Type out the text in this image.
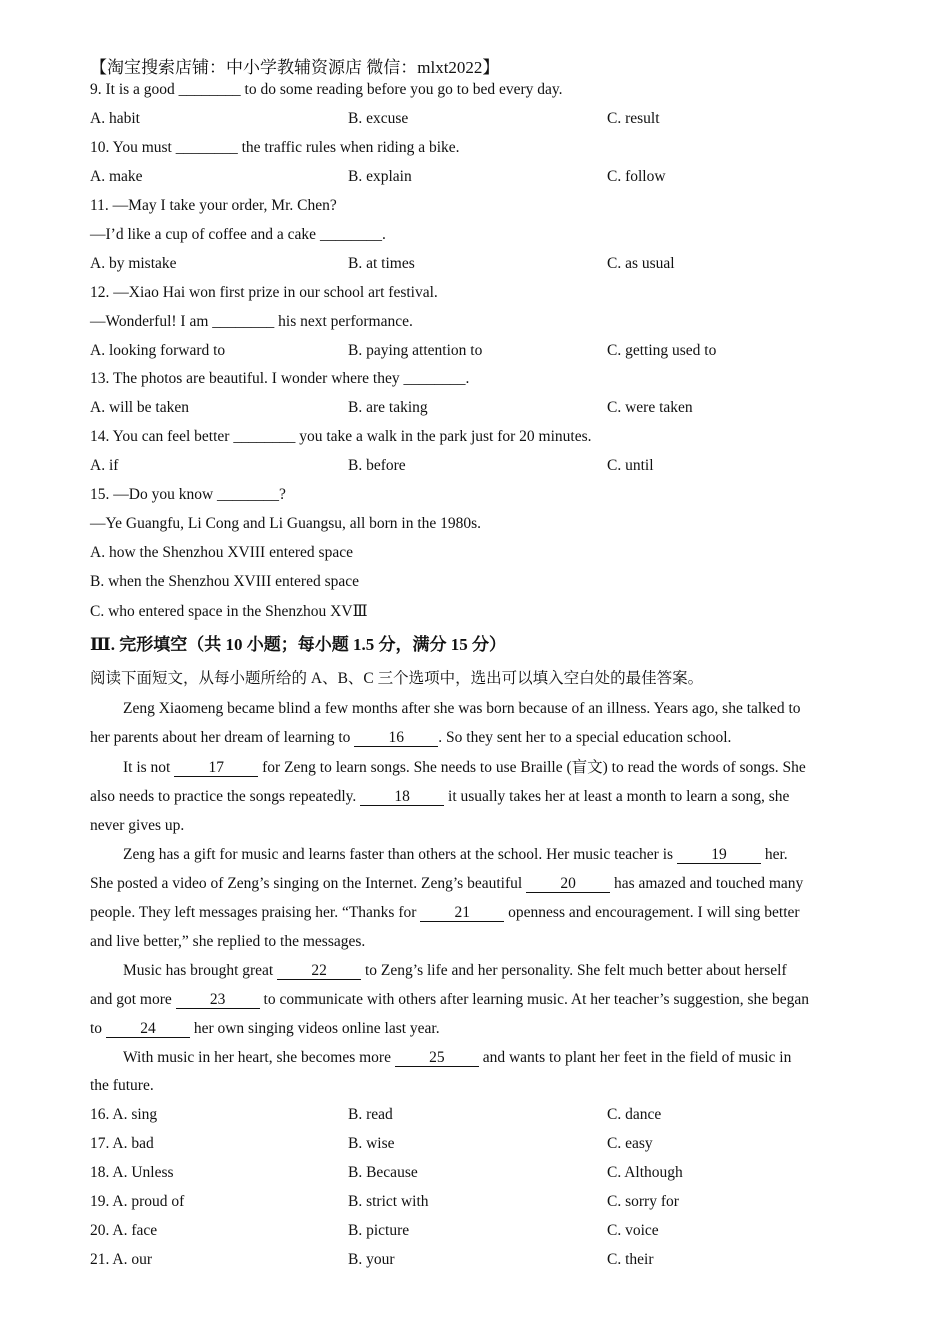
【淘宝搜索店铺：中小学教辅资源店 微信：mlxt2022】
9. It is a good ________ to do some reading before you go to bed every day.
A. habit	B. excuse	C. result
10. You must ________ the traffic rules when riding a bike.
A. make	B. explain	C. follow
11. —May I take your order, Mr. Chen?
—I’d like a cup of coffee and a cake ________.
A. by mistake	B. at times	C. as usual
12. —Xiao Hai won first prize in our school art festival.
—Wonderful! I am ________ his next performance.
A. looking forward to	B. paying attention to	C. getting used to
13. The photos are beautiful. I wonder where they ________.
A. will be taken	B. are taking	C. were taken
14. You can feel better ________ you take a walk in the park just for 20 minutes.
A. if	B. before	C. until
15. —Do you know ________?
—Ye Guangfu, Li Cong and Li Guangsu, all born in the 1980s.
A. how the Shenzhou XVIII entered space
B. when the Shenzhou XVIII entered space
C. who entered space in the Shenzhou XVⅢ
Ⅲ. 完形填空（共 10 小题；每小题 1.5 分，满分 15 分）
阅读下面短文，从每小题所给的 A、B、C 三个选项中，选出可以填入空白处的最佳答案。
Zeng Xiaomeng became blind a few months after she was born because of an illness. Years ago, she talked to
her parents about her dream of learning to 16 . So they sent her to a special education school.
It is not 17 for Zeng to learn songs. She needs to use Braille (盲文) to read the words of songs. She
also needs to practice the songs repeatedly. 18 it usually takes her at least a month to learn a song, she
never gives up.
Zeng has a gift for music and learns faster than others at the school. Her music teacher is 19 her.
She posted a video of Zeng’s singing on the Internet. Zeng’s beautiful 20 has amazed and touched many
people. They left messages praising her. “Thanks for 21 openness and encouragement. I will sing better
and live better,” she replied to the messages.
Music has brought great 22 to Zeng’s life and her personality. She felt much better about herself
and got more 23 to communicate with others after learning music. At her teacher’s suggestion, she began
to 24 her own singing videos online last year.
With music in her heart, she becomes more 25 and wants to plant her feet in the field of music in
the future.
16. A. sing	B. read	C. dance
17. A. bad	B. wise	C. easy
18. A. Unless	B. Because	C. Although
19. A. proud of	B. strict with	C. sorry for
20. A. face	B. picture	C. voice
21. A. our	B. your	C. their
